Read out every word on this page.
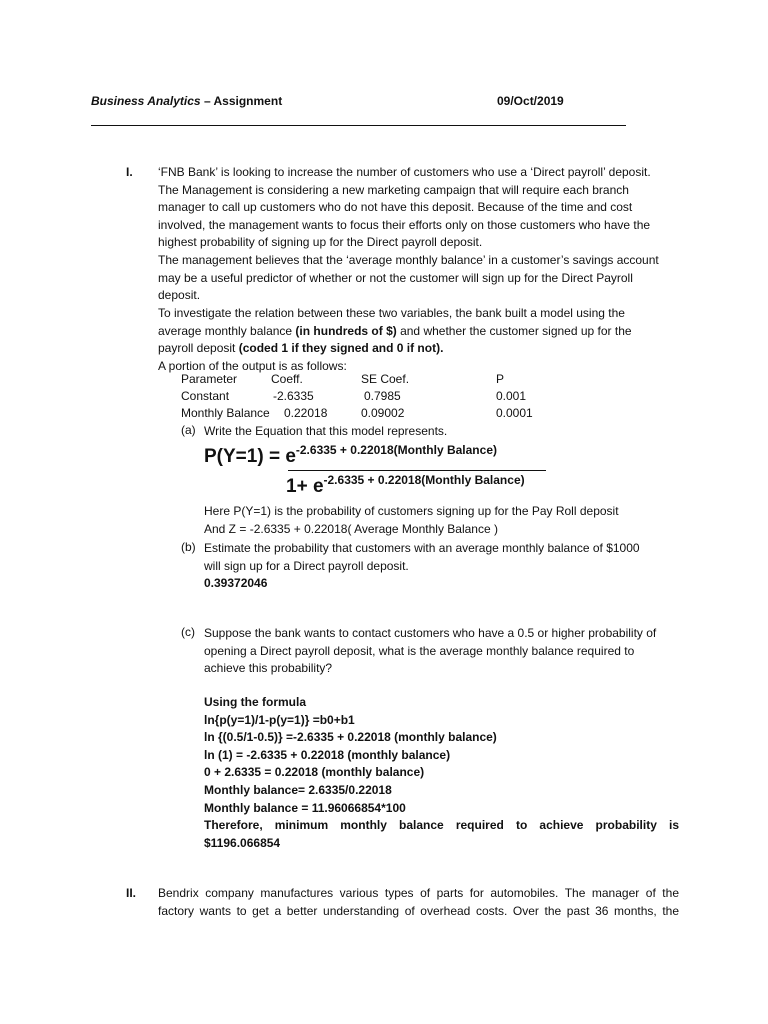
Business Analytics – Assignment	09/Oct/2019
I. ‘FNB Bank’ is looking to increase the number of customers who use a ‘Direct payroll’ deposit.
The Management is considering a new marketing campaign that will require each branch
manager to call up customers who do not have this deposit. Because of the time and cost
involved, the management wants to focus their efforts only on those customers who have the
highest probability of signing up for the Direct payroll deposit.
The management believes that the ‘average monthly balance’ in a customer’s savings account
may be a useful predictor of whether or not the customer will sign up for the Direct Payroll
deposit.
To investigate the relation between these two variables, the bank built a model using the
average monthly balance (in hundreds of $) and whether the customer signed up for the
payroll deposit (coded 1 if they signed and 0 if not).
A portion of the output is as follows:
Parameter	Coeff.	SE Coef.	P
Constant	-2.6335	0.7985	0.001
Monthly Balance 0.22018	0.09002	0.0001
(a) Write the Equation that this model represents.
$P(Y=1) = e^{-2.6335 + 0.22018(Monthly Balance)}$
$1+ e^{-2.6335 + 0.22018(Monthly Balance)}$
Here P(Y=1) is the probability of customers signing up for the Pay Roll deposit
And Z = -2.6335 + 0.22018( Average Monthly Balance )
(b) Estimate the probability that customers with an average monthly balance of $1000
will sign up for a Direct payroll deposit.
0.39372046
(c) Suppose the bank wants to contact customers who have a 0.5 or higher probability of
opening a Direct payroll deposit, what is the average monthly balance required to
achieve this probability?
Using the formula
ln{p(y=1)/1-p(y=1)} =b0+b1
ln {(0.5/1-0.5)} =-2.6335 + 0.22018 (monthly balance)
ln (1) = -2.6335 + 0.22018 (monthly balance)
0 + 2.6335 = 0.22018 (monthly balance)
Monthly balance= 2.6335/0.22018
Monthly balance = 11.96066854*100
Therefore, minimum monthly balance required to achieve probability is
$1196.066854
II. Bendrix company manufactures various types of parts for automobiles. The manager of the
factory wants to get a better understanding of overhead costs. Over the past 36 months, the
